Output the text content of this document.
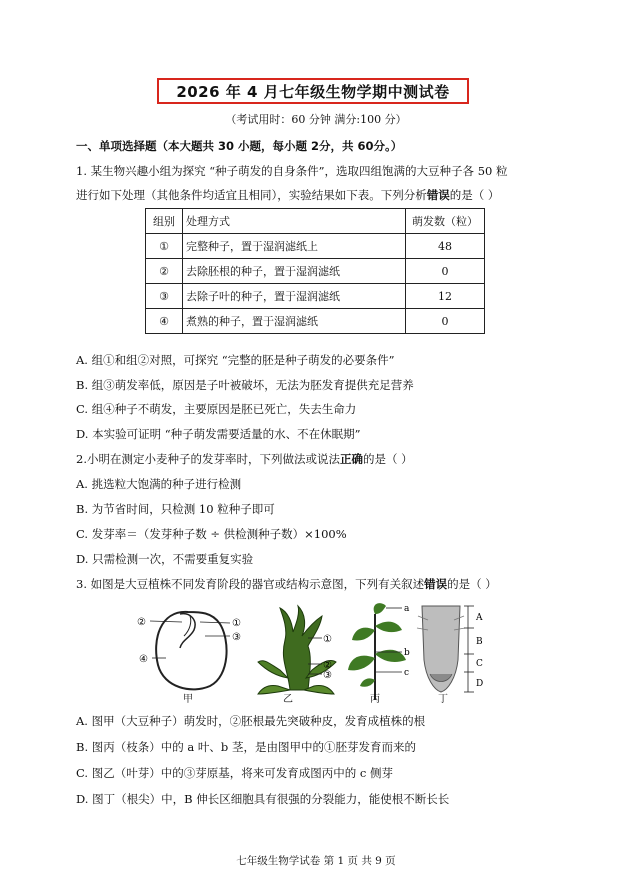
2026 年 4 月七年级生物学期中测试卷
（考试用时：60 分钟 满分:100 分）
一、单项选择题（本大题共 30 小题，每小题 2分，共 60分。）
1. 某生物兴趣小组为探究 “种子萌发的自身条件”，选取四组饱满的大豆种子各 50 粒
进行如下处理（其他条件均适宜且相同），实验结果如下表。下列分析错误的是（ ）
组别	处理方式	萌发数（粒）
①	完整种子，置于湿润滤纸上	48
②	去除胚根的种子，置于湿润滤纸	0
③	去除子叶的种子，置于湿润滤纸	12
④	煮熟的种子，置于湿润滤纸	0
A. 组①和组②对照，可探究 “完整的胚是种子萌发的必要条件”
B. 组③萌发率低，原因是子叶被破坏，无法为胚发育提供充足营养
C. 组④种子不萌发，主要原因是胚已死亡，失去生命力
D. 本实验可证明 “种子萌发需要适量的水、不在休眠期”
2.小明在测定小麦种子的发芽率时，下列做法或说法正确的是（ ）
A. 挑选粒大饱满的种子进行检测
B. 为节省时间，只检测 10 粒种子即可
C. 发芽率＝（发芽种子数 ÷ 供检测种子数）×100%
D. 只需检测一次，不需要重复实验
3. 如图是大豆植株不同发育阶段的器官或结构示意图，下列有关叙述错误的是（ ）
②	①
③
④
①
②
③
a
b
c
A
B
C
D
甲	乙	丙	丁
A. 图甲（大豆种子）萌发时，②胚根最先突破种皮，发育成植株的根
B. 图丙（枝条）中的 a 叶、b 茎，是由图甲中的①胚芽发育而来的
C. 图乙（叶芽）中的③芽原基，将来可发育成图丙中的 c 侧芽
D. 图丁（根尖）中，B 伸长区细胞具有很强的分裂能力，能使根不断长长
七年级生物学试卷 第 1 页 共 9 页
